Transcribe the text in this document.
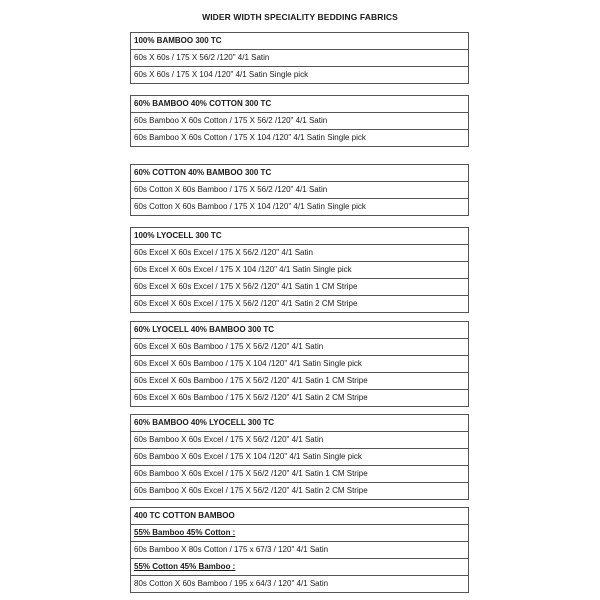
WIDER WIDTH SPECIALITY BEDDING FABRICS
100% BAMBOO 300 TC
60s X 60s / 175 X 56/2 /120" 4/1 Satin
60s X 60s / 175 X 104 /120" 4/1 Satin Single pick
60% BAMBOO 40% COTTON 300 TC
60s Bamboo X 60s Cotton / 175 X 56/2 /120" 4/1 Satin
60s Bamboo X 60s Cotton / 175 X 104 /120" 4/1 Satin Single pick
60% COTTON 40% BAMBOO 300 TC
60s Cotton X 60s Bamboo / 175 X 56/2 /120" 4/1 Satin
60s Cotton X 60s Bamboo / 175 X 104 /120" 4/1 Satin Single pick
100% LYOCELL 300 TC
60s Excel X 60s Excel / 175 X 56/2 /120" 4/1 Satin
60s Excel X 60s Excel / 175 X 104 /120" 4/1 Satin Single pick
60s Excel X 60s Excel / 175 X 56/2 /120" 4/1 Satin 1 CM Stripe
60s Excel X 60s Excel / 175 X 56/2 /120" 4/1 Satin 2 CM Stripe
60% LYOCELL 40% BAMBOO 300 TC
60s Excel X 60s Bamboo / 175 X 56/2 /120" 4/1 Satin
60s Excel X 60s Bamboo / 175 X 104 /120" 4/1 Satin Single pick
60s Excel X 60s Bamboo / 175 X 56/2 /120" 4/1 Satin 1 CM Stripe
60s Excel X 60s Bamboo / 175 X 56/2 /120" 4/1 Satin 2 CM Stripe
60% BAMBOO 40% LYOCELL 300 TC
60s Bamboo X 60s Excel / 175 X 56/2 /120" 4/1 Satin
60s Bamboo X 60s Excel / 175 X 104 /120" 4/1 Satin Single pick
60s Bamboo X 60s Excel / 175 X 56/2 /120" 4/1 Satin 1 CM Stripe
60s Bamboo X 60s Excel / 175 X 56/2 /120" 4/1 Satin 2 CM Stripe
400 TC COTTON BAMBOO
55% Bamboo 45% Cotton :
60s Bamboo X 80s Cotton / 175 x 67/3 / 120" 4/1 Satin
55% Cotton 45% Bamboo :
80s Cotton X 60s Bamboo / 195 x 64/3 / 120" 4/1 Satin
